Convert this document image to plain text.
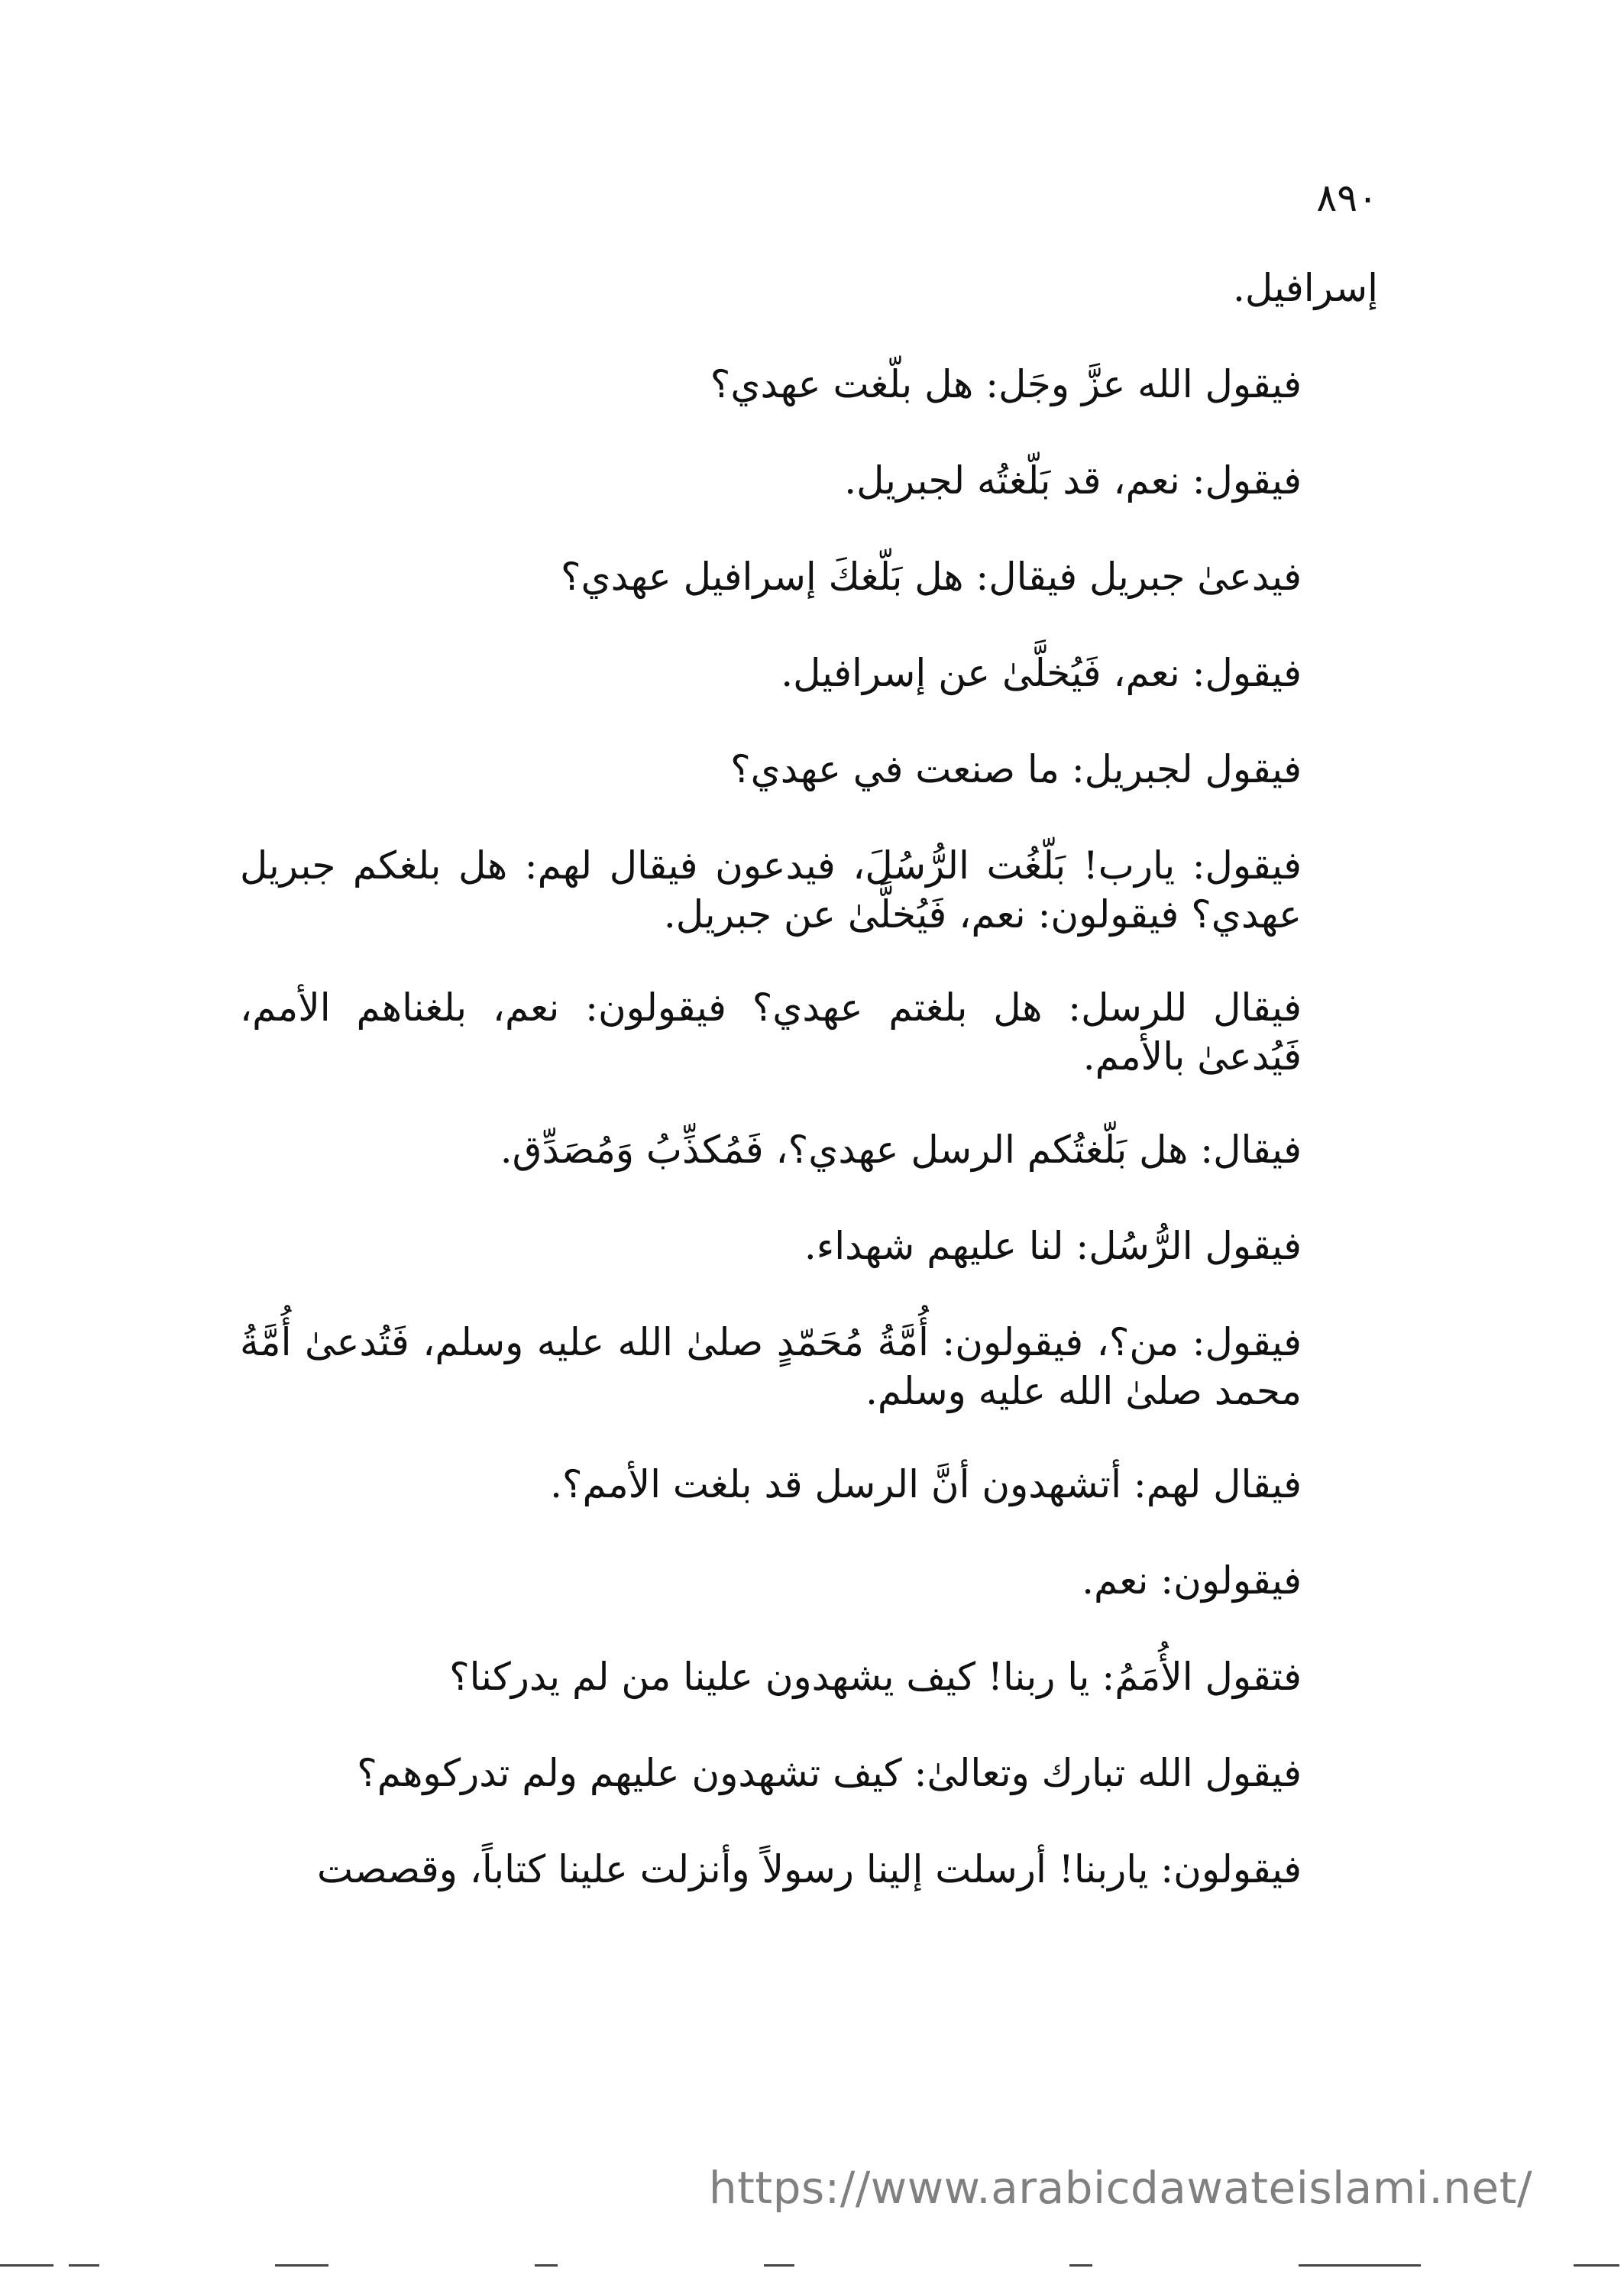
٨٩٠

إسرافيل.

فيقول الله عزَّ وجَل: هل بلّغت عهدي؟

فيقول: نعم، قد بَلّغتُه لجبريل.

فيدعىٰ جبريل فيقال: هل بَلّغكَ إسرافيل عهدي؟

فيقول: نعم، فَيُخلَّىٰ عن إسرافيل.

فيقول لجبريل: ما صنعت في عهدي؟

فيقول: يارب! بَلّغُت الرُّسُلَ، فيدعون فيقال لهم: هل بلغكم جبريل عهدي؟ فيقولون: نعم، فَيُخلَّىٰ عن جبريل.

فيقال للرسل: هل بلغتم عهدي؟ فيقولون: نعم، بلغناهم الأمم، فَيُدعىٰ بالأمم.

فيقال: هل بَلّغتُكم الرسل عهدي؟، فَمُكذِّبُ وَمُصَدِّق.

فيقول الرُّسُل: لنا عليهم شهداء.

فيقول: من؟، فيقولون: أُمَّةُ مُحَمّدٍ صلىٰ الله عليه وسلم، فَتُدعىٰ أُمَّةُ محمد صلىٰ الله عليه وسلم.

فيقال لهم: أتشهدون أنَّ الرسل قد بلغت الأمم؟.

فيقولون: نعم.

فتقول الأُمَمُ: يا ربنا! كيف يشهدون علينا من لم يدركنا؟

فيقول الله تبارك وتعالىٰ: كيف تشهدون عليهم ولم تدركوهم؟

فيقولون: ياربنا! أرسلت إلينا رسولاً وأنزلت علينا كتاباً، وقصصت

https://www.arabicdawateislami.net/
